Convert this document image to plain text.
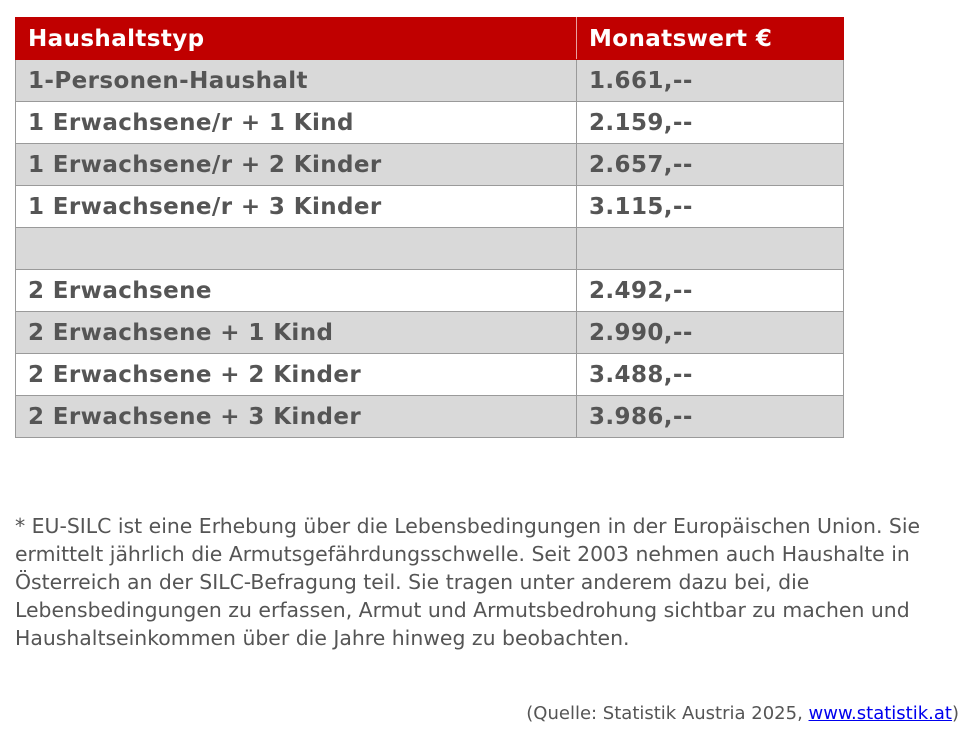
Haushaltstyp	Monatswert €
1-Personen-Haushalt	1.661,--
1 Erwachsene/r + 1 Kind	2.159,--
1 Erwachsene/r + 2 Kinder	2.657,--
1 Erwachsene/r + 3 Kinder	3.115,--

2 Erwachsene	2.492,--
2 Erwachsene + 1 Kind	2.990,--
2 Erwachsene + 2 Kinder	3.488,--
2 Erwachsene + 3 Kinder	3.986,--

* EU-SILC ist eine Erhebung über die Lebensbedingungen in der Europäischen Union. Sie ermittelt jährlich die Armutsgefährdungsschwelle. Seit 2003 nehmen auch Haushalte in Österreich an der SILC-Befragung teil. Sie tragen unter anderem dazu bei, die Lebensbedingungen zu erfassen, Armut und Armutsbedrohung sichtbar zu machen und Haushaltseinkommen über die Jahre hinweg zu beobachten.

(Quelle: Statistik Austria 2025, www.statistik.at)
